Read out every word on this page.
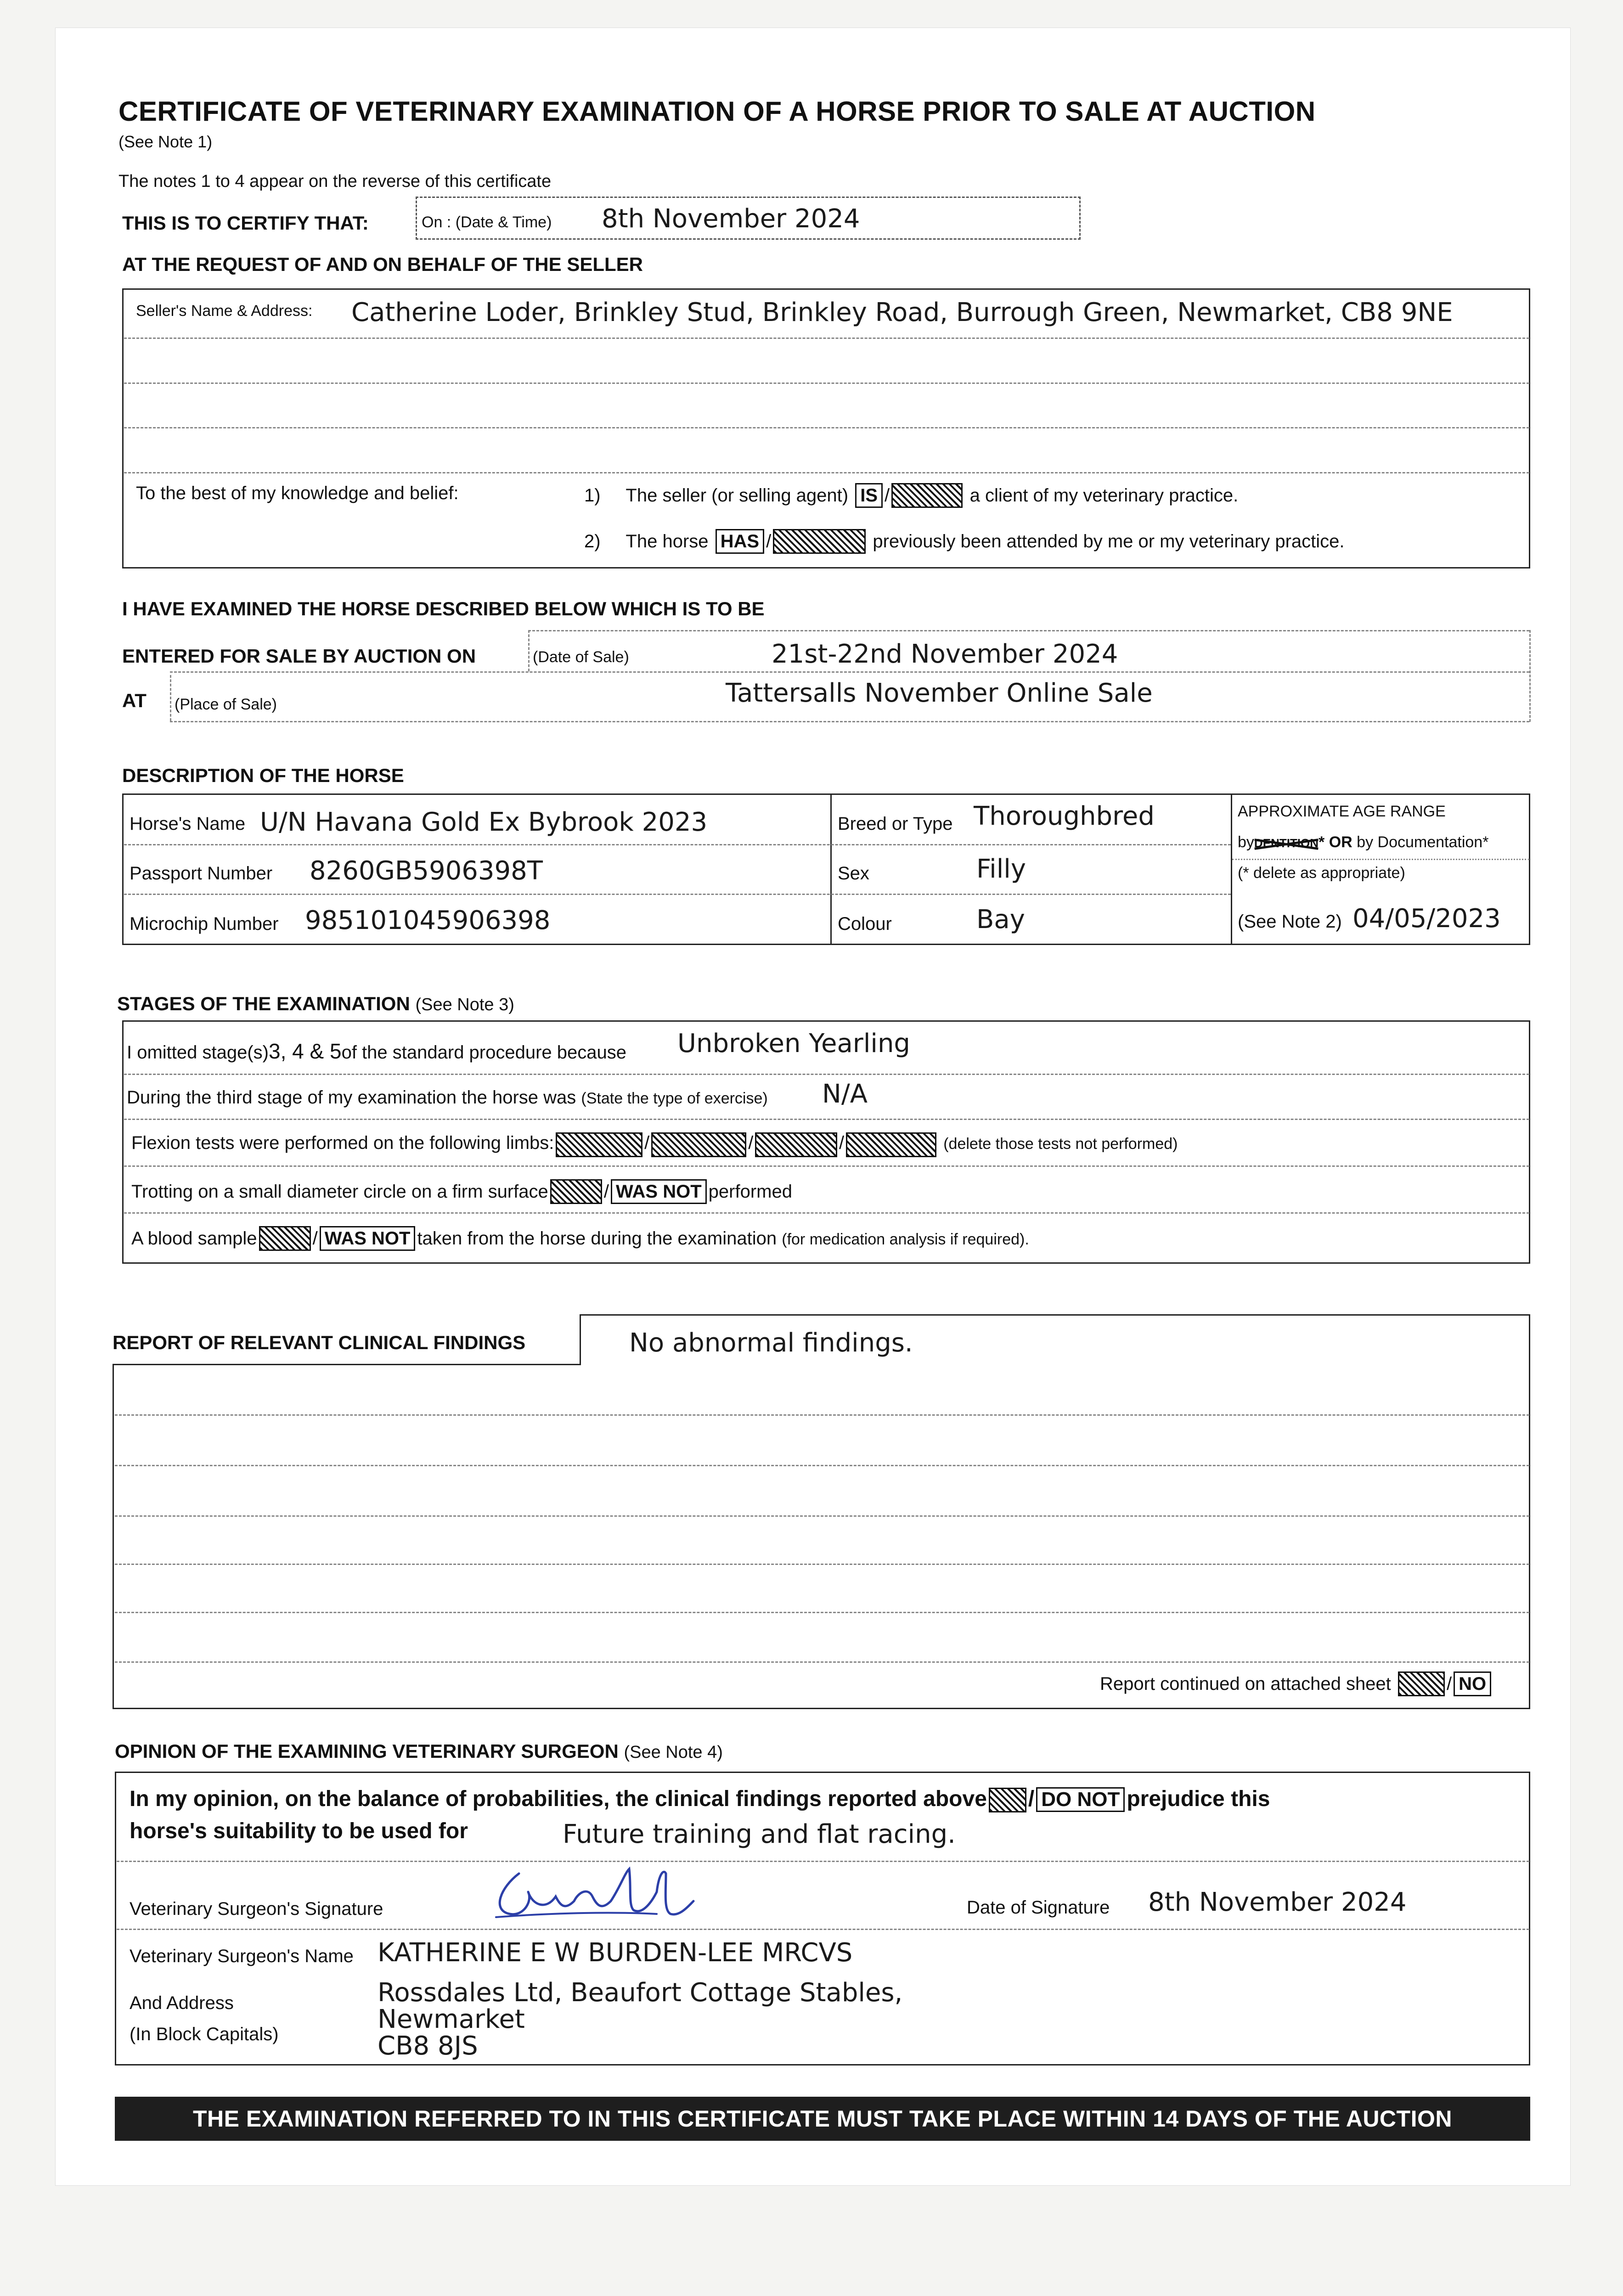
CERTIFICATE OF VETERINARY EXAMINATION OF A HORSE PRIOR TO SALE AT AUCTION
(See Note 1)
The notes 1 to 4 appear on the reverse of this certificate
THIS IS TO CERTIFY THAT:	On : (Date & Time) 8th November 2024
AT THE REQUEST OF AND ON BEHALF OF THE SELLER
Seller's Name & Address: Catherine Loder, Brinkley Stud, Brinkley Road, Burrough Green, Newmarket, CB8 9NE
To the best of my knowledge and belief:	1) The seller (or selling agent) IS /	a client of my veterinary practice.
2) The horse HAS /	previously been attended by me or my veterinary practice.
I HAVE EXAMINED THE HORSE DESCRIBED BELOW WHICH IS TO BE
ENTERED FOR SALE BY AUCTION ON	(Date of Sale)	21st-22nd November 2024
AT (Place of Sale)	Tattersalls November Online Sale
DESCRIPTION OF THE HORSE
Horse's Name U/N Havana Gold Ex Bybrook 2023
Passport Number 8260GB5906398T
Microchip Number 985101045906398
Breed or Type Thoroughbred
Sex	Filly
Colour	Bay
APPROXIMATE AGE RANGE
byDENTITION* OR by Documentation*
(* delete as appropriate)
(See Note 2) 04/05/2023
STAGES OF THE EXAMINATION (See Note 3)
I omitted stage(s)3, 4 & 5of the standard procedure because Unbroken Yearling
During the third stage of my examination the horse was (State the type of exercise) N/A
Flexion tests were performed on the following limbs:	/	/	/	(delete those tests not performed)
Trotting on a small diameter circle on a firm surface	/ WAS NOT performed
A blood sample	/ WAS NOT taken from the horse during the examination (for medication analysis if required).
REPORT OF RELEVANT CLINICAL FINDINGS	No abnormal findings.
Report continued on attached sheet	/ NO
OPINION OF THE EXAMINING VETERINARY SURGEON (See Note 4)
In my opinion, on the balance of probabilities, the clinical findings reported above / DO NOT prejudice this
horse's suitability to be used for	Future training and flat racing.
Veterinary Surgeon's Signature	Date of Signature 8th November 2024
Veterinary Surgeon's Name KATHERINE E W BURDEN-LEE MRCVS
And Address
(In Block Capitals)
Rossdales Ltd, Beaufort Cottage Stables,
Newmarket
CB8 8JS
THE EXAMINATION REFERRED TO IN THIS CERTIFICATE MUST TAKE PLACE WITHIN 14 DAYS OF THE AUCTION
